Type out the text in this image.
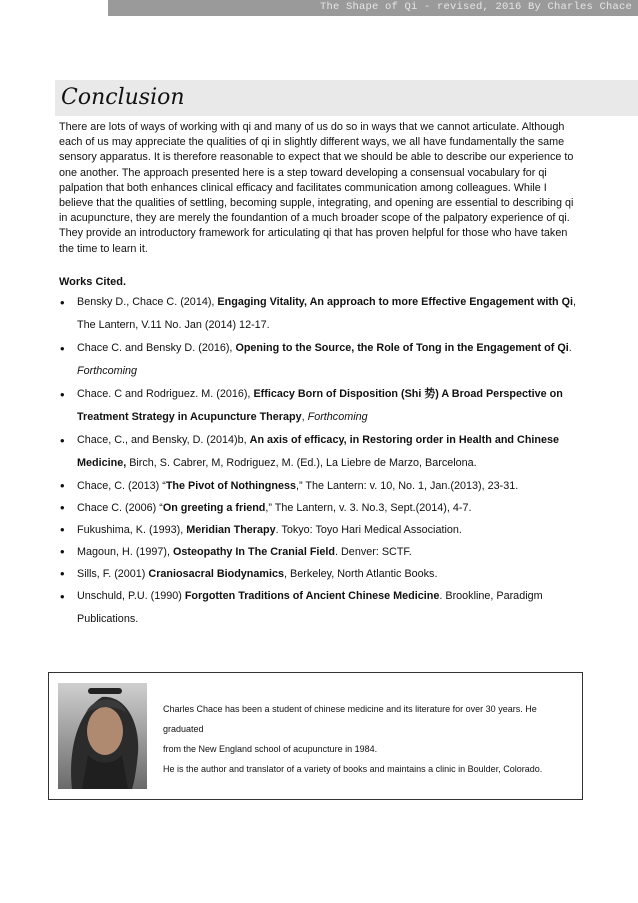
The Shape of Qi - revised, 2016 By Charles Chace
Conclusion
There are lots of ways of working with qi and many of us do so in ways that we cannot articulate. Although each of us may appreciate the qualities of qi in slightly different ways, we all have fundamentally the same sensory apparatus. It is therefore reasonable to expect that we should be able to describe our experience to one another. The approach presented here is a step toward developing a consensual vocabulary for qi palpation that both enhances clinical efficacy and facilitates communication among colleagues. While I believe that the qualities of settling, becoming supple, integrating, and opening are essential to describing qi in acupuncture, they are merely the foundantion of a much broader scope of the palpatory experience of qi. They provide an introductory framework for articulating qi that has proven helpful for those who have taken the time to learn it.
Works Cited.
• Bensky D., Chace C. (2014), Engaging Vitality, An approach to more Effective Engagement with Qi, The Lantern, V.11 No. Jan (2014) 12-17.
• Chace C. and Bensky D. (2016), Opening to the Source, the Role of Tong in the Engagement of Qi.
Forthcoming
• Chace. C and Rodriguez. M. (2016), Efficacy Born of Disposition (Shi 势) A Broad Perspective on Treatment Strategy in Acupuncture Therapy, Forthcoming
• Chace, C., and Bensky, D. (2014)b, An axis of efficacy, in Restoring order in Health and Chinese Medicine, Birch, S. Cabrer, M, Rodriguez, M. (Ed.), La Liebre de Marzo, Barcelona.
• Chace, C. (2013) “The Pivot of Nothingness,” The Lantern: v. 10, No. 1, Jan.(2013), 23-31.
• Chace C. (2006) “On greeting a friend,” The Lantern, v. 3. No.3, Sept.(2014), 4-7.
• Fukushima, K. (1993), Meridian Therapy. Tokyo: Toyo Hari Medical Association.
• Magoun, H. (1997), Osteopathy In The Cranial Field. Denver: SCTF.
• Sills, F. (2001) Craniosacral Biodynamics, Berkeley, North Atlantic Books.
• Unschuld, P.U. (1990) Forgotten Traditions of Ancient Chinese Medicine. Brookline, Paradigm Publications.

Charles Chace has been a student of chinese medicine and its literature for over 30 years. He graduated

from the New England school of acupuncture in 1984.

He is the author and translator of a variety of books and maintains a clinic in Boulder, Colorado.
